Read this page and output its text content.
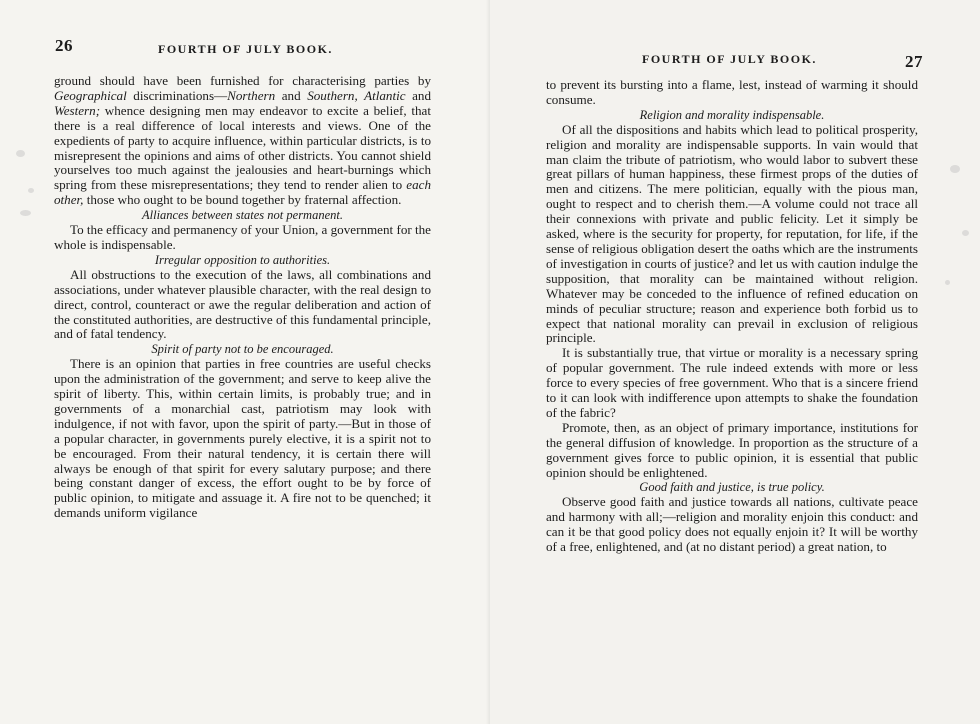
26	FOURTH OF JULY BOOK.

ground should have been furnished for characterising parties by Geographical discriminations—Northern and Southern, Atlantic and Western; whence designing men may endeavor to excite a belief, that there is a real difference of local interests and views. One of the expedients of party to acquire influence, within particular districts, is to misrepresent the opinions and aims of other districts. You cannot shield yourselves too much against the jealousies and heart-burnings which spring from these misrepresentations; they tend to render alien to each other, those who ought to be bound together by fraternal affection.

Alliances between states not permanent.

To the efficacy and permanency of your Union, a government for the whole is indispensable.

Irregular opposition to authorities.

All obstructions to the execution of the laws, all combinations and associations, under whatever plausible character, with the real design to direct, control, counteract or awe the regular deliberation and action of the constituted authorities, are destructive of this fundamental principle, and of fatal tendency.

Spirit of party not to be encouraged.

There is an opinion that parties in free countries are useful checks upon the administration of the government; and serve to keep alive the spirit of liberty. This, within certain limits, is probably true; and in governments of a monarchial cast, patriotism may look with indulgence, if not with favor, upon the spirit of party.—But in those of a popular character, in governments purely elective, it is a spirit not to be encouraged. From their natural tendency, it is certain there will always be enough of that spirit for every salutary purpose; and there being constant danger of excess, the effort ought to be by force of public opinion, to mitigate and assuage it. A fire not to be quenched; it demands uniform vigilance

FOURTH OF JULY BOOK.	27

to prevent its bursting into a flame, lest, instead of warming it should consume.

Religion and morality indispensable.

Of all the dispositions and habits which lead to political prosperity, religion and morality are indispensable supports. In vain would that man claim the tribute of patriotism, who would labor to subvert these great pillars of human happiness, these firmest props of the duties of men and citizens. The mere politician, equally with the pious man, ought to respect and to cherish them.—A volume could not trace all their connexions with private and public felicity. Let it simply be asked, where is the security for property, for reputation, for life, if the sense of religious obligation desert the oaths which are the instruments of investigation in courts of justice? and let us with caution indulge the supposition, that morality can be maintained without religion. Whatever may be conceded to the influence of refined education on minds of peculiar structure; reason and experience both forbid us to expect that national morality can prevail in exclusion of religious principle.

It is substantially true, that virtue or morality is a necessary spring of popular government. The rule indeed extends with more or less force to every species of free government. Who that is a sincere friend to it can look with indifference upon attempts to shake the foundation of the fabric?

Promote, then, as an object of primary importance, institutions for the general diffusion of knowledge. In proportion as the structure of a government gives force to public opinion, it is essential that public opinion should be enlightened.

Good faith and justice, is true policy.

Observe good faith and justice towards all nations, cultivate peace and harmony with all;—religion and morality enjoin this conduct: and can it be that good policy does not equally enjoin it? It will be worthy of a free, enlightened, and (at no distant period) a great nation, to
